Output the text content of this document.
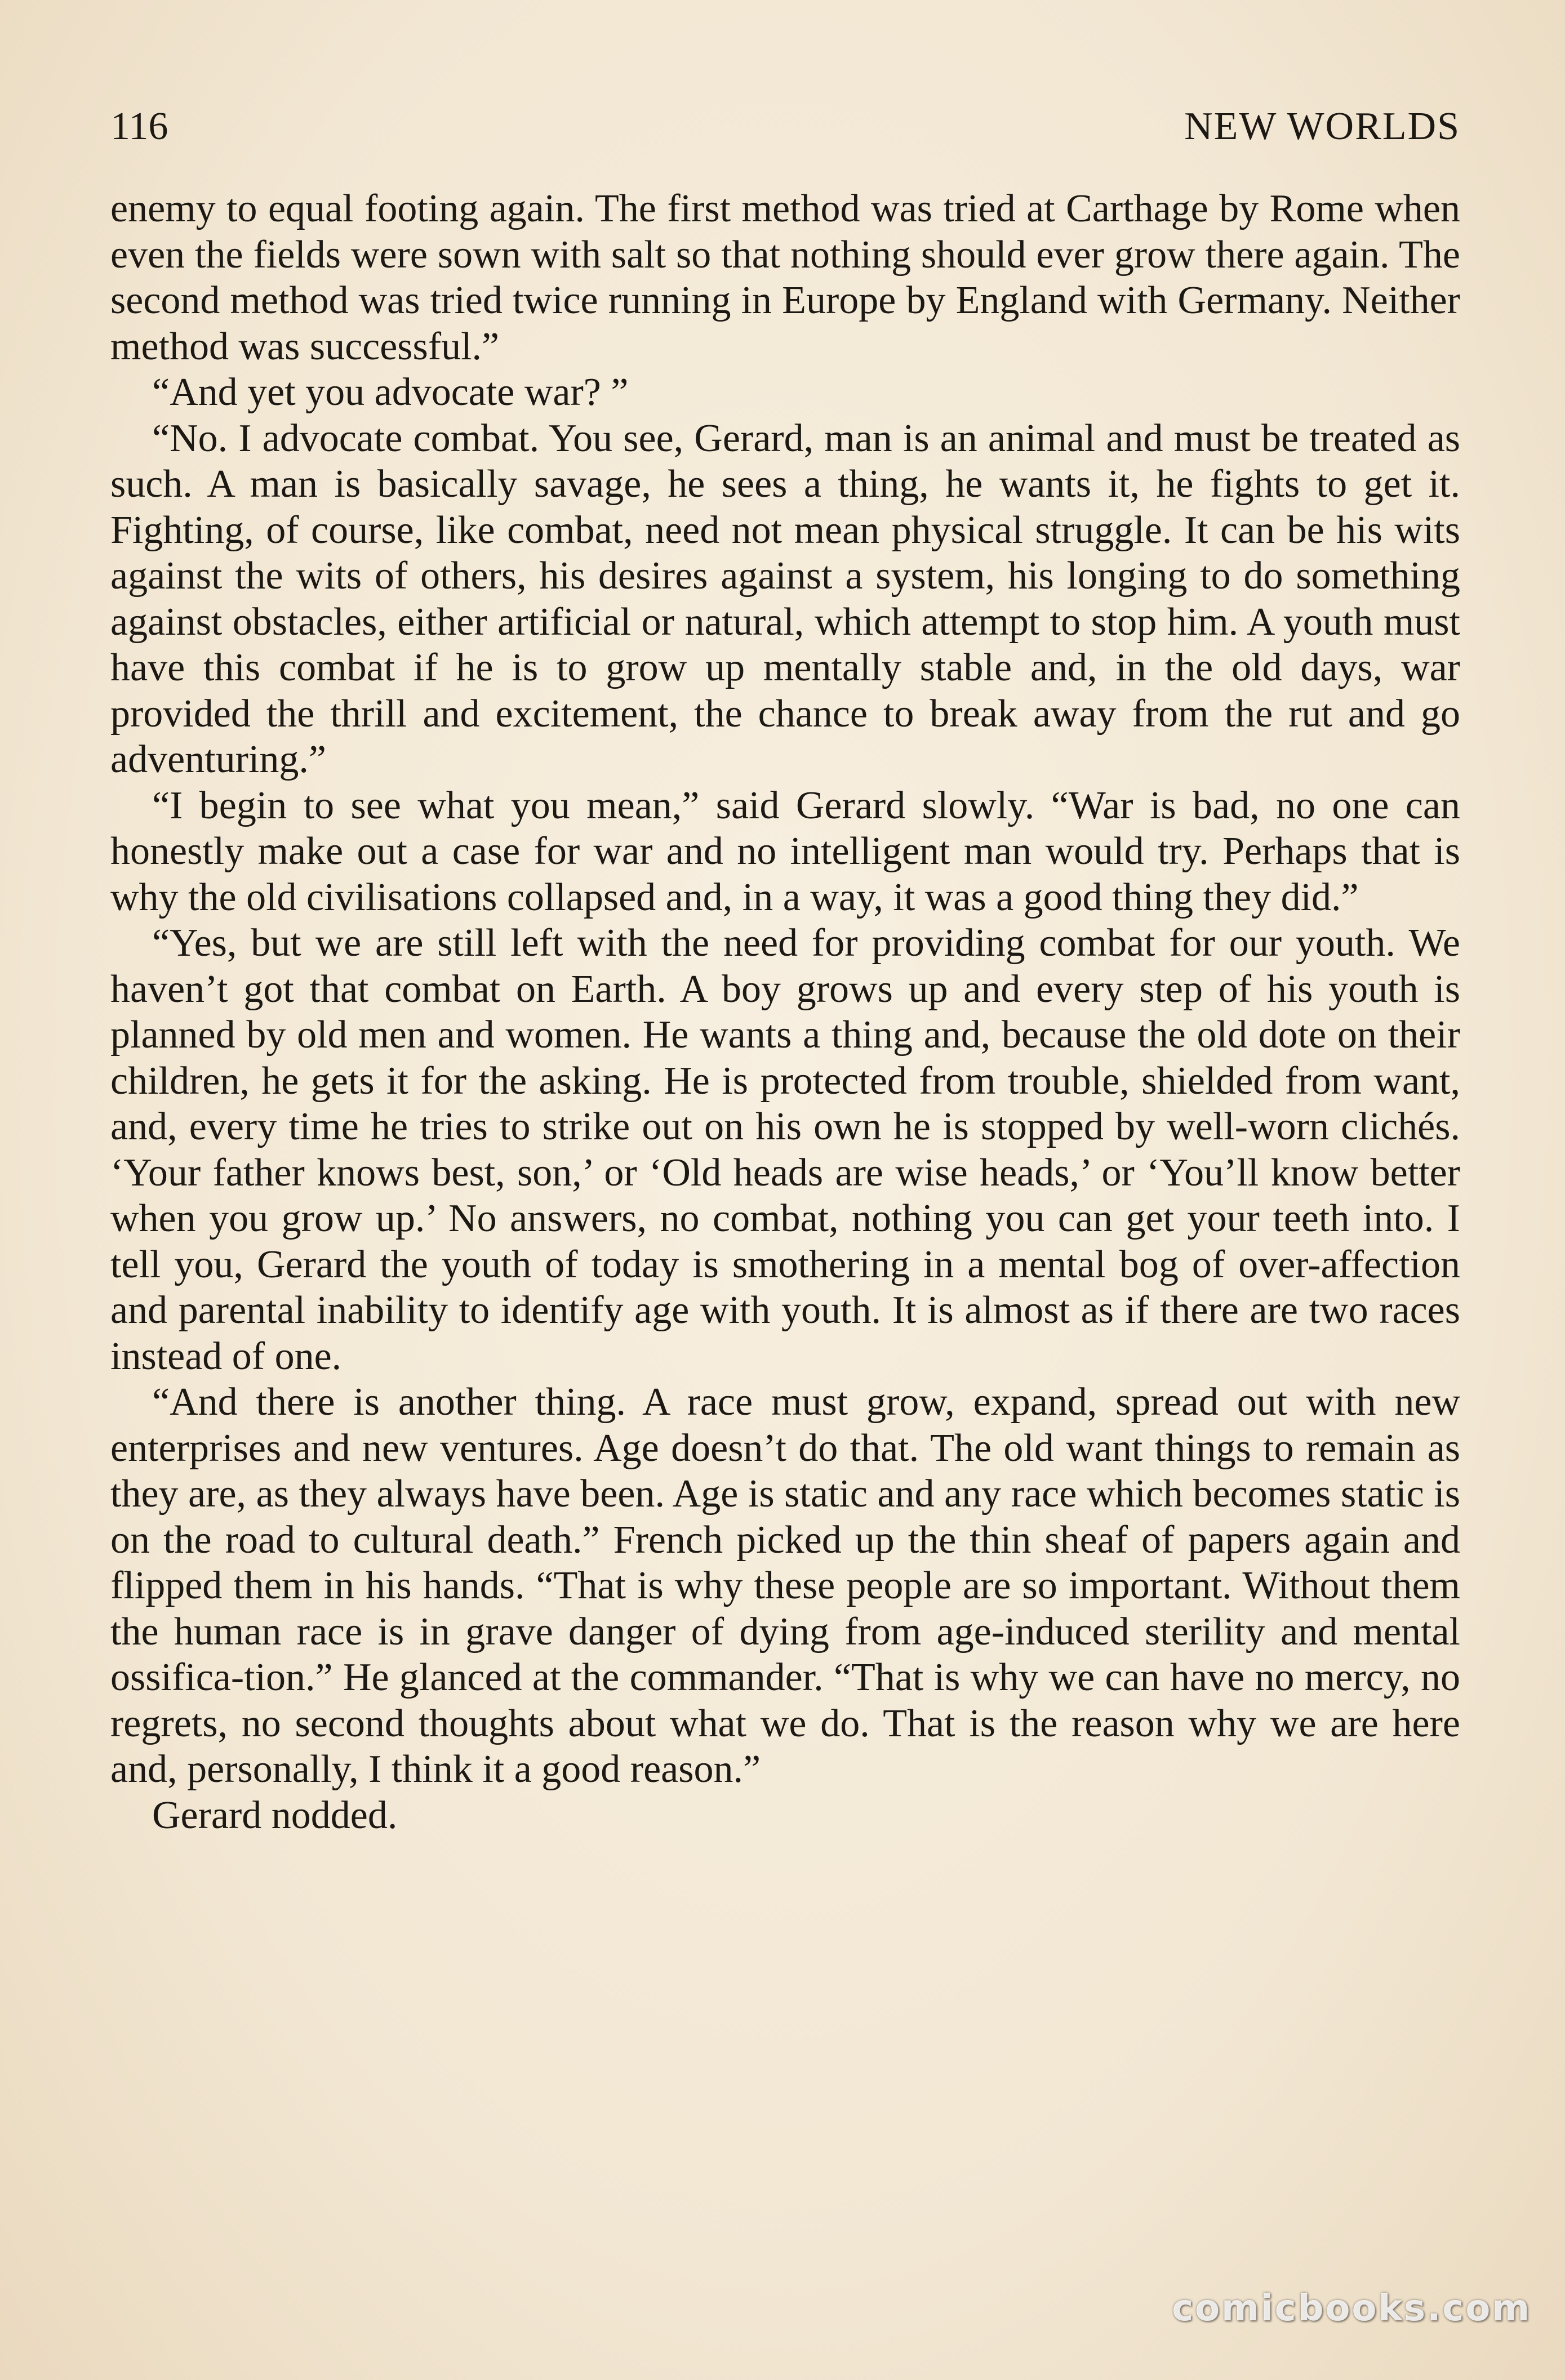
116	NEW WORLDS

enemy to equal footing again. The first method was tried at Carthage by Rome when even the fields were sown with salt so that nothing should ever grow there again. The second method was tried twice running in Europe by England with Germany. Neither method was successful.”

“And yet you advocate war? ”

“No. I advocate combat. You see, Gerard, man is an animal and must be treated as such. A man is basically savage, he sees a thing, he wants it, he fights to get it. Fighting, of course, like combat, need not mean physical struggle. It can be his wits against the wits of others, his desires against a system, his longing to do something against obstacles, either artificial or natural, which attempt to stop him. A youth must have this combat if he is to grow up mentally stable and, in the old days, war provided the thrill and excitement, the chance to break away from the rut and go adventuring.”

“I begin to see what you mean,” said Gerard slowly. “War is bad, no one can honestly make out a case for war and no intelligent man would try. Perhaps that is why the old civilisations collapsed and, in a way, it was a good thing they did.”

“Yes, but we are still left with the need for providing combat for our youth. We haven’t got that combat on Earth. A boy grows up and every step of his youth is planned by old men and women. He wants a thing and, because the old dote on their children, he gets it for the asking. He is protected from trouble, shielded from want, and, every time he tries to strike out on his own he is stopped by well-worn clichés. ‘Your father knows best, son,’ or ‘Old heads are wise heads,’ or ‘You’ll know better when you grow up.’ No answers, no combat, nothing you can get your teeth into. I tell you, Gerard the youth of today is smothering in a mental bog of over-affection and parental inability to identify age with youth. It is almost as if there are two races instead of one.

“And there is another thing. A race must grow, expand, spread out with new enterprises and new ventures. Age doesn’t do that. The old want things to remain as they are, as they always have been. Age is static and any race which becomes static is on the road to cultural death.” French picked up the thin sheaf of papers again and flipped them in his hands. “That is why these people are so important. Without them the human race is in grave danger of dying from age-induced sterility and mental ossifica-tion.” He glanced at the commander. “That is why we can have no mercy, no regrets, no second thoughts about what we do. That is the reason why we are here and, personally, I think it a good reason.”

Gerard nodded.

comicbooks.com
